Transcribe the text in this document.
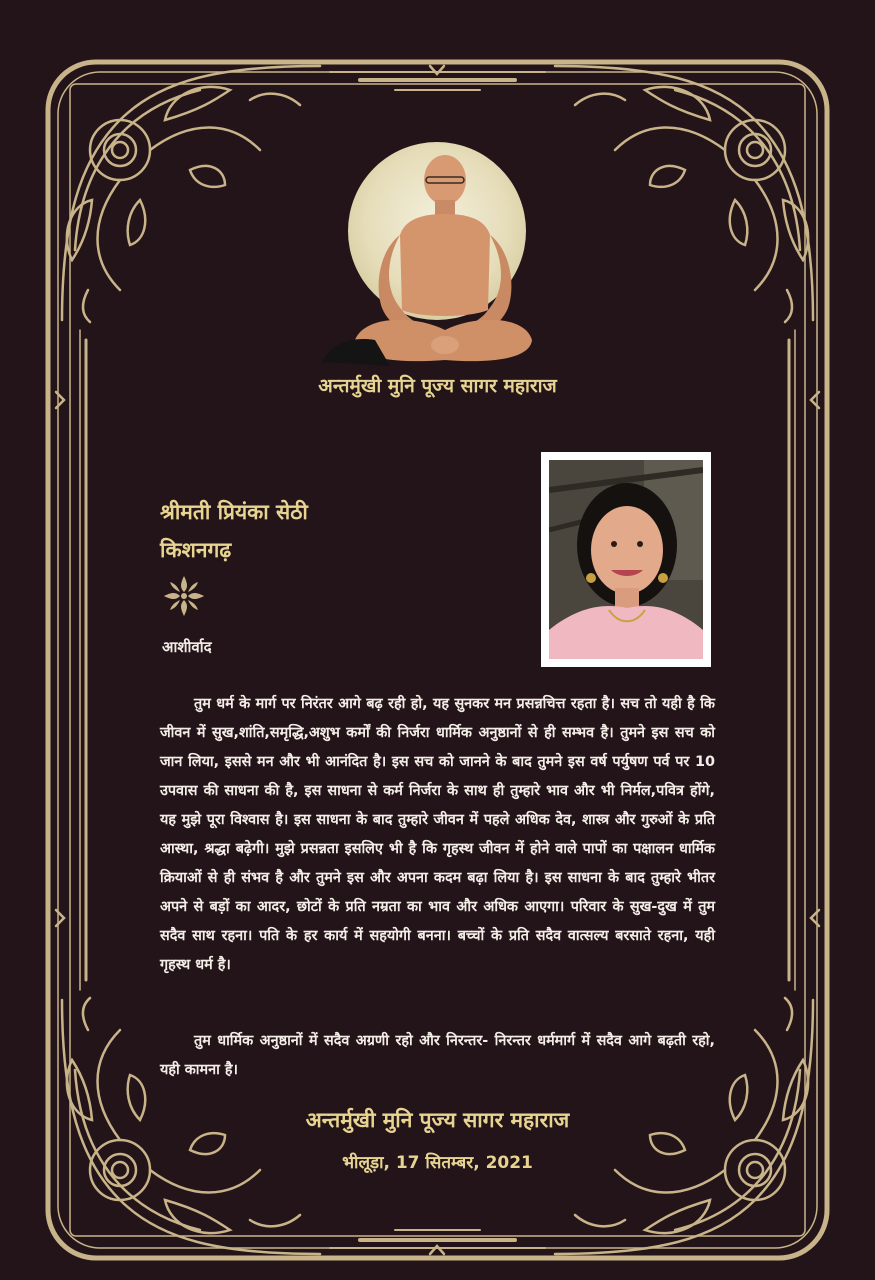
अन्तर्मुखी मुनि पूज्य सागर महाराज
श्रीमती प्रियंका सेठी
किशनगढ़
आशीर्वाद
तुम धर्म के मार्ग पर निरंतर आगे बढ़ रही हो, यह सुनकर मन प्रसन्नचित्त रहता है। सच तो यही है कि जीवन में सुख,शांति,समृद्धि,अशुभ कर्मों की निर्जरा धार्मिक अनुष्ठानों से ही सम्भव है। तुमने इस सच को जान लिया, इससे मन और भी आनंदित है। इस सच को जानने के बाद तुमने इस वर्ष पर्युषण पर्व पर 10 उपवास की साधना की है, इस साधना से कर्म निर्जरा के साथ ही तुम्हारे भाव और भी निर्मल,पवित्र होंगे, यह मुझे पूरा विश्वास है। इस साधना के बाद तुम्हारे जीवन में पहले अधिक देव, शास्त्र और गुरुओं के प्रति आस्था, श्रद्धा बढ़ेगी। मुझे प्रसन्नता इसलिए भी है कि गृहस्थ जीवन में होने वाले पापों का पक्षालन धार्मिक क्रियाओं से ही संभव है और तुमने इस और अपना कदम बढ़ा लिया है। इस साधना के बाद तुम्हारे भीतर अपने से बड़ों का आदर, छोटों के प्रति नम्रता का भाव और अधिक आएगा। परिवार के सुख-दुख में तुम सदैव साथ रहना। पति के हर कार्य में सहयोगी बनना। बच्चों के प्रति सदैव वात्सल्य बरसाते रहना, यही गृहस्थ धर्म है।
तुम धार्मिक अनुष्ठानों में सदैव अग्रणी रहो और निरन्तर- निरन्तर धर्ममार्ग में सदैव आगे बढ़ती रहो, यही कामना है।
अन्तर्मुखी मुनि पूज्य सागर महाराज
भीलूड़ा, 17 सितम्बर, 2021
